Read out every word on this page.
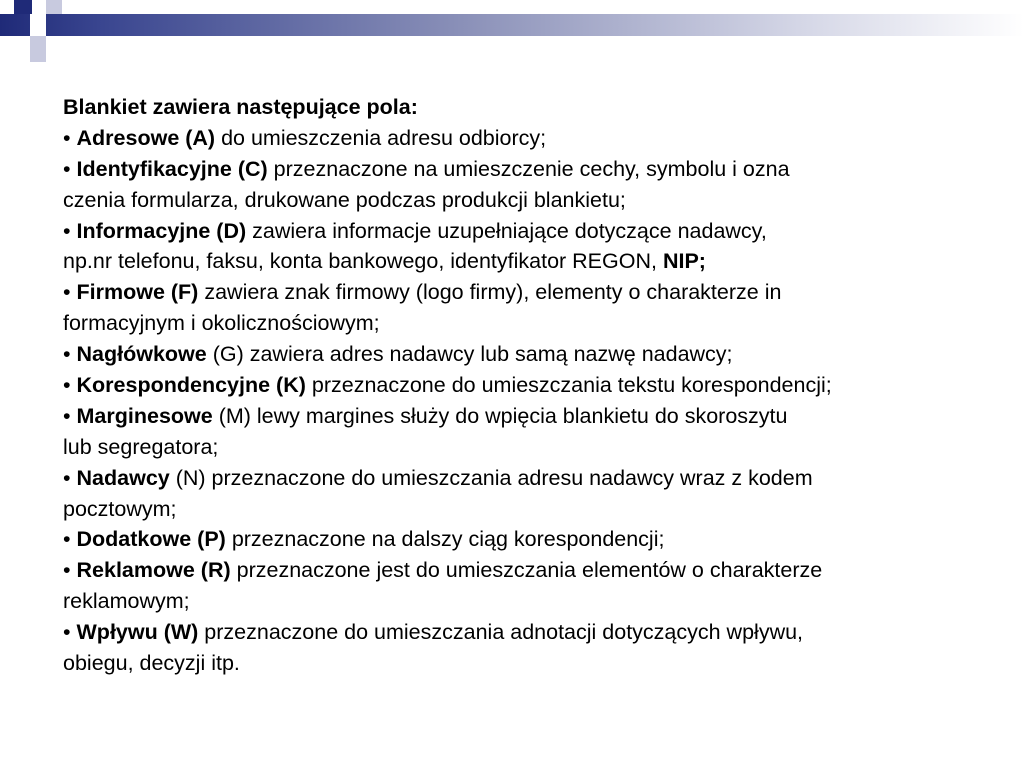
Blankiet zawiera następujące pola:
• Adresowe (A) do umieszczenia adresu odbiorcy;
• Identyfikacyjne (C) przeznaczone na umieszczenie cechy, symbolu i ozna
czenia formularza, drukowane podczas produkcji blankietu;
• Informacyjne (D) zawiera informacje uzupełniające dotyczące nadawcy,
np.nr telefonu, faksu, konta bankowego, identyfikator REGON, NIP;
• Firmowe (F) zawiera znak firmowy (logo firmy), elementy o charakterze in
formacyjnym i okolicznościowym;
• Nagłówkowe (G) zawiera adres nadawcy lub samą nazwę nadawcy;
• Korespondencyjne (K) przeznaczone do umieszczania tekstu korespondencji;
• Marginesowe (M) lewy margines służy do wpięcia blankietu do skoroszytu
lub segregatora;
• Nadawcy (N) przeznaczone do umieszczania adresu nadawcy wraz z kodem
pocztowym;
• Dodatkowe (P) przeznaczone na dalszy ciąg korespondencji;
• Reklamowe (R) przeznaczone jest do umieszczania elementów o charakterze
reklamowym;
• Wpływu (W) przeznaczone do umieszczania adnotacji dotyczących wpływu,
obiegu, decyzji itp.
